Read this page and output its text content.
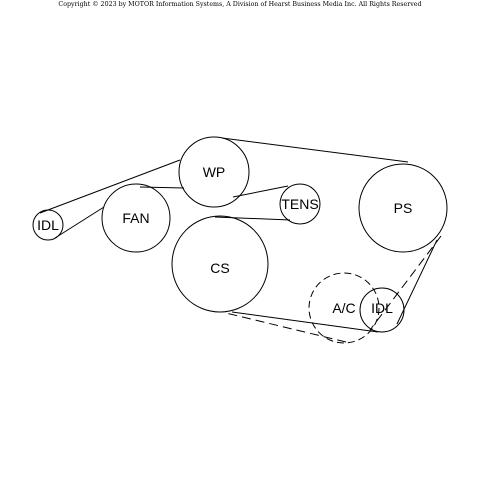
Copyright © 2023 by MOTOR Information Systems, A Division of Hearst Business Media Inc. All Rights Reserved
IDL	FAN
WP
TENS
CS
PS
A/C IDL
